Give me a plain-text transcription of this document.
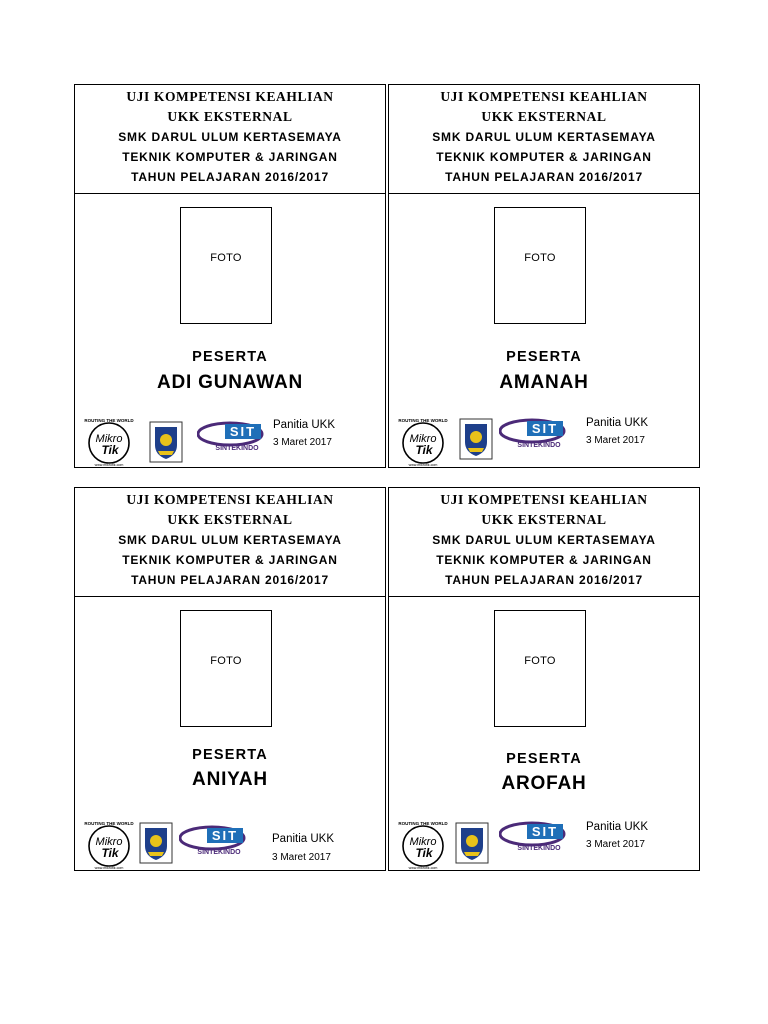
UJI KOMPETENSI KEAHLIAN
UKK EKSTERNAL
SMK DARUL ULUM KERTASEMAYA
TEKNIK KOMPUTER & JARINGAN
TAHUN PELAJARAN 2016/2017
FOTO
PESERTA
ADI GUNAWAN
Mikro
Tik
ROUTING THE WORLD
www.mikrotik.com
SIT
SINTEKINDO
Panitia UKK
3 Maret 2017
UJI KOMPETENSI KEAHLIAN
UKK EKSTERNAL
SMK DARUL ULUM KERTASEMAYA
TEKNIK KOMPUTER & JARINGAN
TAHUN PELAJARAN 2016/2017
FOTO
PESERTA
AMANAH
Mikro
Tik
ROUTING THE WORLD
www.mikrotik.com
SIT
SINTEKINDO
Panitia UKK
3 Maret 2017
UJI KOMPETENSI KEAHLIAN
UKK EKSTERNAL
SMK DARUL ULUM KERTASEMAYA
TEKNIK KOMPUTER & JARINGAN
TAHUN PELAJARAN 2016/2017
FOTO
PESERTA
ANIYAH
Mikro
Tik
ROUTING THE WORLD
www.mikrotik.com
SIT
SINTEKINDO
Panitia UKK
3 Maret 2017
UJI KOMPETENSI KEAHLIAN
UKK EKSTERNAL
SMK DARUL ULUM KERTASEMAYA
TEKNIK KOMPUTER & JARINGAN
TAHUN PELAJARAN 2016/2017
FOTO
PESERTA
AROFAH
Mikro
Tik
ROUTING THE WORLD
www.mikrotik.com
SIT
SINTEKINDO
Panitia UKK
3 Maret 2017
